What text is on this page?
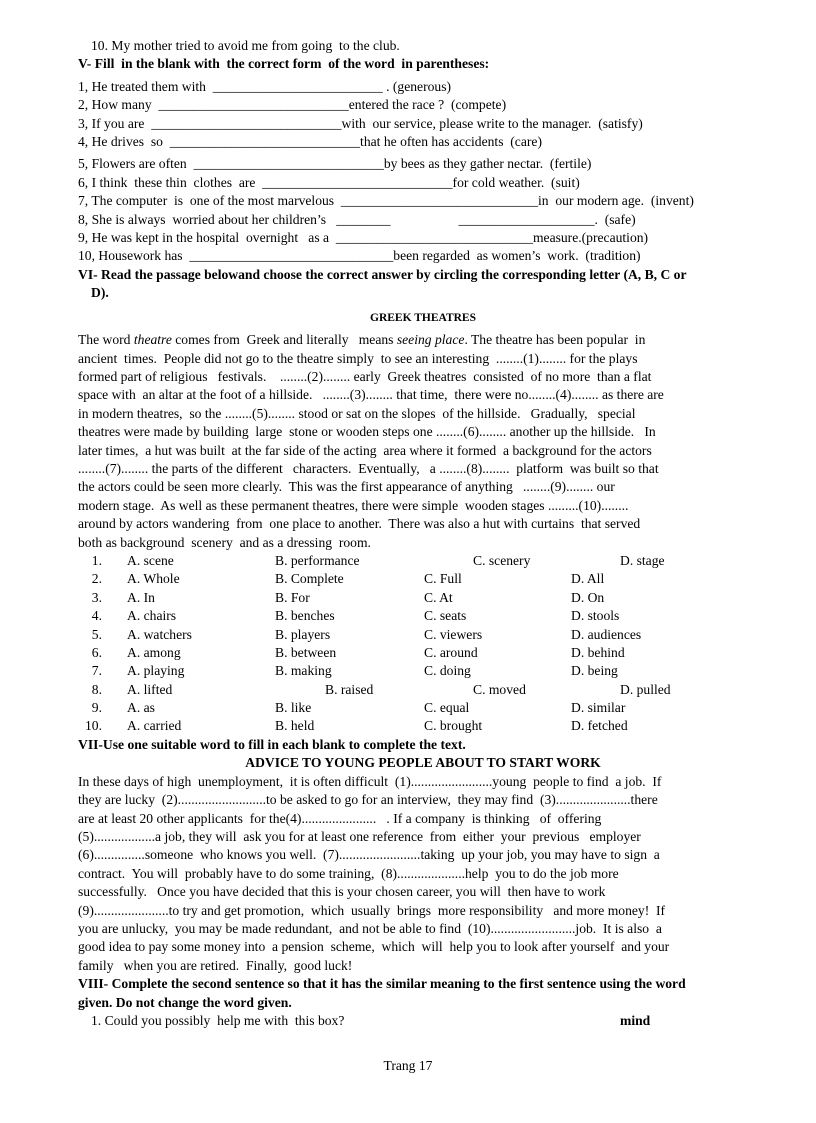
10. My mother tried to avoid me from going  to the club.
V- Fill  in the blank with  the correct form  of the word  in parentheses:
1, He treated them with  _________________________ . (generous)
2, How many  ____________________________entered the race ?  (compete)
3, If you are  ____________________________with  our service, please write to the manager.  (satisfy)
4, He drives  so  ____________________________that he often has accidents  (care)
5, Flowers are often  ____________________________by bees as they gather nectar.  (fertile)
6, I think  these thin  clothes  are  ____________________________for cold weather.  (suit)
7, The computer  is  one of the most marvelous  _____________________________in  our modern age.  (invent)
8, She is always  worried about her children’s   ________                    ____________________.  (safe)
9, He was kept in the hospital  overnight   as a  _____________________________measure.(precaution)
10, Housework has  ______________________________been regarded  as women’s  work.  (tradition)
VI- Read the passage belowand choose the correct answer by circling the corresponding letter (A, B, C or
D).
GREEK THEATRES
The word theatre comes from  Greek and literally   means seeing place. The theatre has been popular  in
ancient  times.  People did not go to the theatre simply  to see an interesting  ........(1)........ for the plays
formed part of religious   festivals.    ........(2)........ early  Greek theatres  consisted  of no more  than a flat
space with  an altar at the foot of a hillside.   ........(3)........ that time,  there were no........(4)........ as there are
in modern theatres,  so the ........(5)........ stood or sat on the slopes  of the hillside.   Gradually,   special
theatres were made by building  large  stone or wooden steps one ........(6)........ another up the hillside.   In
later times,  a hut was built  at the far side of the acting  area where it formed  a background for the actors
........(7)........ the parts of the different   characters.  Eventually,   a ........(8)........  platform  was built so that
the actors could be seen more clearly.  This was the first appearance of anything   ........(9)........ our
modern stage.  As well as these permanent theatres, there were simple  wooden stages .........(10)........
around by actors wandering  from  one place to another.  There was also a hut with curtains  that served
both as background  scenery  and as a dressing  room.
1. A. scene	B. performance	C. scenery	D. stage
2. A. Whole	B. Complete	C. Full	D. All
3. A. In	B. For	C. At	D. On
4. A. chairs	B. benches	C. seats	D. stools
5. A. watchers	B. players	C. viewers	D. audiences
6. A. among	B. between	C. around	D. behind
7. A. playing	B. making	C. doing	D. being
8. A. lifted	B. raised	C. moved	D. pulled
9. A. as	B. like	C. equal	D. similar
10. A. carried	B. held	C. brought	D. fetched
VII-Use one suitable word to fill in each blank to complete the text.
ADVICE TO YOUNG PEOPLE ABOUT TO START WORK
In these days of high  unemployment,  it is often difficult  (1)........................young  people to find  a job.  If
they are lucky  (2)..........................to be asked to go for an interview,  they may find  (3)......................there
are at least 20 other applicants  for the(4)......................   . If a company  is thinking   of  offering
(5)..................a job, they will  ask you for at least one reference  from  either  your  previous   employer
(6)...............someone  who knows you well.  (7)........................taking  up your job, you may have to sign  a
contract.  You will  probably have to do some training,  (8)....................help  you to do the job more
successfully.   Once you have decided that this is your chosen career, you will  then have to work
(9)......................to try and get promotion,  which  usually  brings  more responsibility   and more money!  If
you are unlucky,  you may be made redundant,  and not be able to find  (10).........................job.  It is also  a
good idea to pay some money into  a pension  scheme,  which  will  help you to look after yourself  and your
family   when you are retired.  Finally,  good luck!
VIII- Complete the second sentence so that it has the similar meaning to the first sentence using the word
given. Do not change the word given.
1. Could you possibly  help me with  this box?	mind
Trang 17
